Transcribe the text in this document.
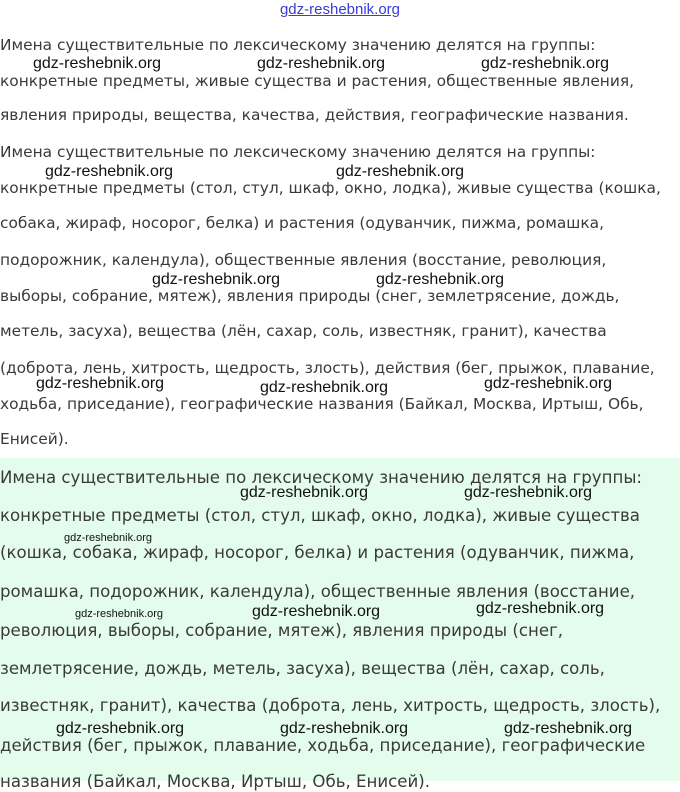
gdz-reshebnik.org
Имена существительные по лексическому значению делятся на группы:
конкретные предметы, живые существа и растения, общественные явления,
явления природы, вещества, качества, действия, географические названия.
Имена существительные по лексическому значению делятся на группы:
конкретные предметы (стол, стул, шкаф, окно, лодка), живые существа (кошка,
собака, жираф, носорог, белка) и растения (одуванчик, пижма, ромашка,
подорожник, календула), общественные явления (восстание, революция,
выборы, собрание, мятеж), явления природы (снег, землетрясение, дождь,
метель, засуха), вещества (лён, сахар, соль, известняк, гранит), качества
(доброта, лень, хитрость, щедрость, злость), действия (бег, прыжок, плавание,
ходьба, приседание), географические названия (Байкал, Москва, Иртыш, Обь,
Енисей).
Имена существительные по лексическому значению делятся на группы:
конкретные предметы (стол, стул, шкаф, окно, лодка), живые существа
(кошка, собака, жираф, носорог, белка) и растения (одуванчик, пижма,
ромашка, подорожник, календула), общественные явления (восстание,
революция, выборы, собрание, мятеж), явления природы (снег,
землетрясение, дождь, метель, засуха), вещества (лён, сахар, соль,
известняк, гранит), качества (доброта, лень, хитрость, щедрость, злость),
действия (бег, прыжок, плавание, ходьба, приседание), географические
названия (Байкал, Москва, Иртыш, Обь, Енисей).
gdz-reshebnik.org	gdz-reshebnik.org	gdz-reshebnik.org
gdz-reshebnik.org	gdz-reshebnik.org
gdz-reshebnik.org	gdz-reshebnik.org
gdz-reshebnik.org	gdz-reshebnik.org	gdz-reshebnik.org
gdz-reshebnik.org	gdz-reshebnik.org
gdz-reshebnik.org
gdz-reshebnik.org	gdz-reshebnik.org	gdz-reshebnik.org
gdz-reshebnik.org	gdz-reshebnik.org	gdz-reshebnik.org
